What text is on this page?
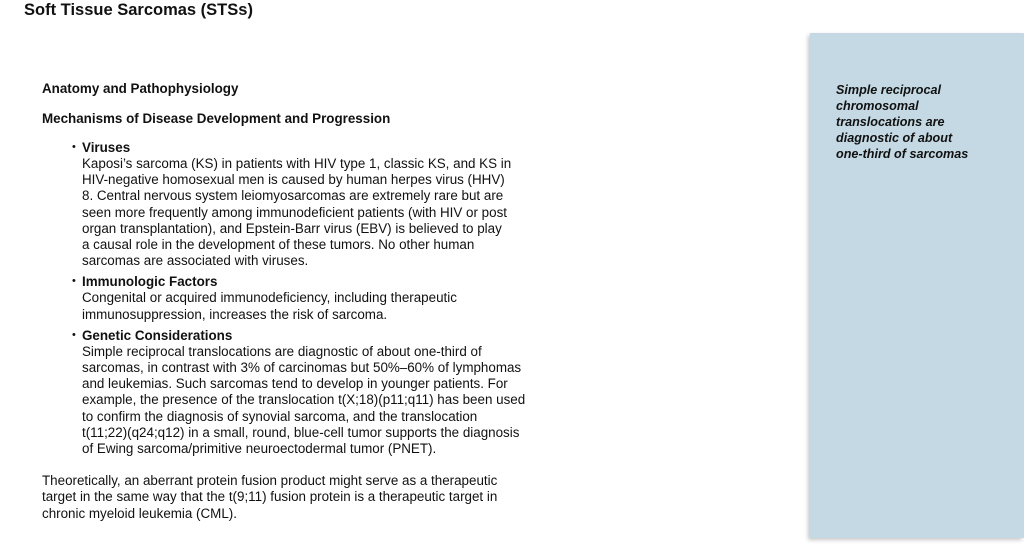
Soft Tissue Sarcomas (STSs)
Anatomy and Pathophysiology
Mechanisms of Disease Development and Progression
• Viruses
Kaposi’s sarcoma (KS) in patients with HIV type 1, classic KS, and KS in
HIV-negative homosexual men is caused by human herpes virus (HHV)
8. Central nervous system leiomyosarcomas are extremely rare but are
seen more frequently among immunodeficient patients (with HIV or post
organ transplantation), and Epstein-Barr virus (EBV) is believed to play
a causal role in the development of these tumors. No other human
sarcomas are associated with viruses.
• Immunologic Factors
Congenital or acquired immunodeficiency, including therapeutic
immunosuppression, increases the risk of sarcoma.
• Genetic Considerations
Simple reciprocal translocations are diagnostic of about one-third of
sarcomas, in contrast with 3% of carcinomas but 50%–60% of lymphomas
and leukemias. Such sarcomas tend to develop in younger patients. For
example, the presence of the translocation t(X;18)(p11;q11) has been used
to confirm the diagnosis of synovial sarcoma, and the translocation
t(11;22)(q24;q12) in a small, round, blue-cell tumor supports the diagnosis
of Ewing sarcoma/primitive neuroectodermal tumor (PNET).
Theoretically, an aberrant protein fusion product might serve as a therapeutic
target in the same way that the t(9;11) fusion protein is a therapeutic target in
chronic myeloid leukemia (CML).
Simple reciprocal
chromosomal
translocations are
diagnostic of about
one-third of sarcomas
